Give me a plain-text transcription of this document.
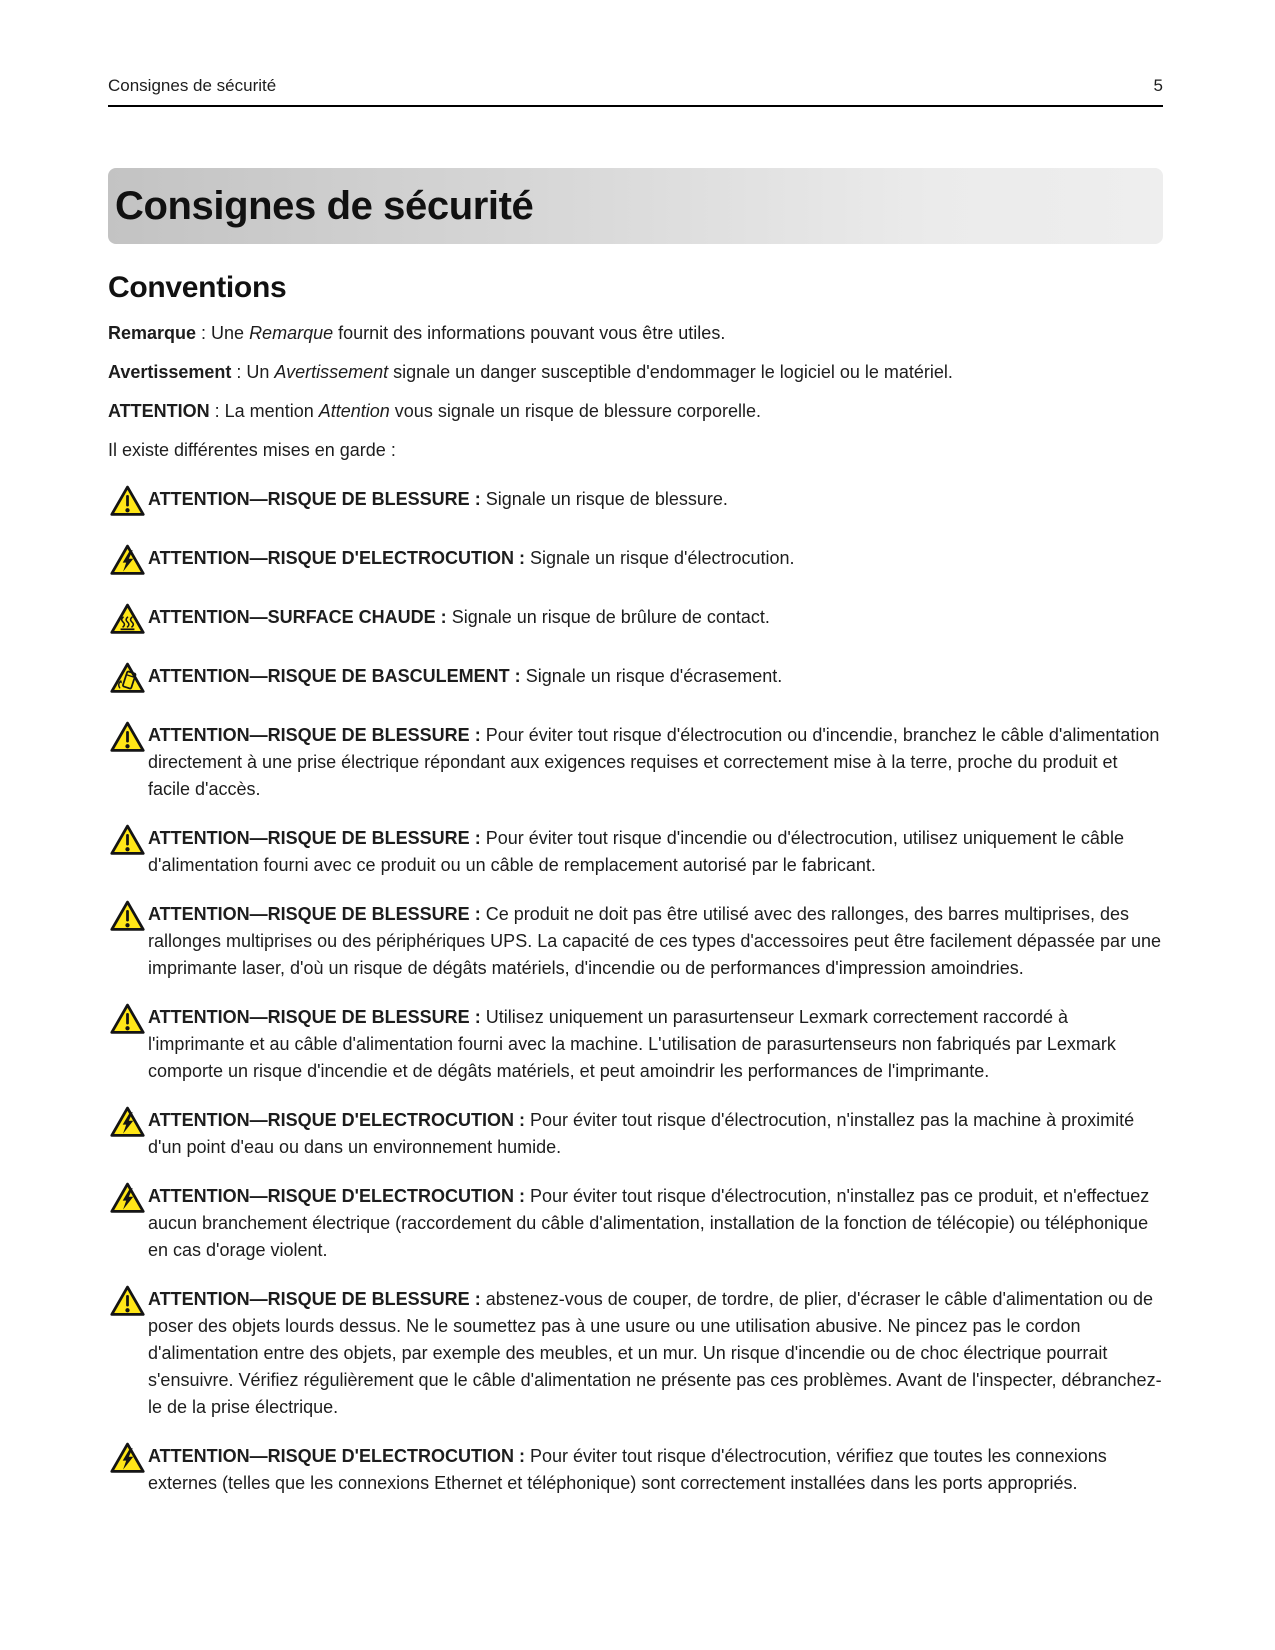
Consignes de sécurité	5
Consignes de sécurité
Conventions

Remarque : Une Remarque fournit des informations pouvant vous être utiles.

Avertissement : Un Avertissement signale un danger susceptible d'endommager le logiciel ou le matériel.

ATTENTION : La mention Attention vous signale un risque de blessure corporelle.

Il existe différentes mises en garde :

ATTENTION—RISQUE DE BLESSURE : Signale un risque de blessure.

ATTENTION—RISQUE D'ELECTROCUTION : Signale un risque d'électrocution.

ATTENTION—SURFACE CHAUDE : Signale un risque de brûlure de contact.

ATTENTION—RISQUE DE BASCULEMENT : Signale un risque d'écrasement.

ATTENTION—RISQUE DE BLESSURE : Pour éviter tout risque d'électrocution ou d'incendie, branchez le câble d'alimentation directement à une prise électrique répondant aux exigences requises et correctement mise à la terre, proche du produit et facile d'accès.

ATTENTION—RISQUE DE BLESSURE : Pour éviter tout risque d'incendie ou d'électrocution, utilisez uniquement le câble d'alimentation fourni avec ce produit ou un câble de remplacement autorisé par le fabricant.

ATTENTION—RISQUE DE BLESSURE : Ce produit ne doit pas être utilisé avec des rallonges, des barres multiprises, des rallonges multiprises ou des périphériques UPS. La capacité de ces types d'accessoires peut être facilement dépassée par une imprimante laser, d'où un risque de dégâts matériels, d'incendie ou de performances d'impression amoindries.

ATTENTION—RISQUE DE BLESSURE : Utilisez uniquement un parasurtenseur Lexmark correctement raccordé à l'imprimante et au câble d'alimentation fourni avec la machine. L'utilisation de parasurtenseurs non fabriqués par Lexmark comporte un risque d'incendie et de dégâts matériels, et peut amoindrir les performances de l'imprimante.

ATTENTION—RISQUE D'ELECTROCUTION : Pour éviter tout risque d'électrocution, n'installez pas la machine à proximité d'un point d'eau ou dans un environnement humide.

ATTENTION—RISQUE D'ELECTROCUTION : Pour éviter tout risque d'électrocution, n'installez pas ce produit, et n'effectuez aucun branchement électrique (raccordement du câble d'alimentation, installation de la fonction de télécopie) ou téléphonique en cas d'orage violent.

ATTENTION—RISQUE DE BLESSURE : abstenez-vous de couper, de tordre, de plier, d'écraser le câble d'alimentation ou de poser des objets lourds dessus. Ne le soumettez pas à une usure ou une utilisation abusive. Ne pincez pas le cordon d'alimentation entre des objets, par exemple des meubles, et un mur. Un risque d'incendie ou de choc électrique pourrait s'ensuivre. Vérifiez régulièrement que le câble d'alimentation ne présente pas ces problèmes. Avant de l'inspecter, débranchez-le de la prise électrique.

ATTENTION—RISQUE D'ELECTROCUTION : Pour éviter tout risque d'électrocution, vérifiez que toutes les connexions externes (telles que les connexions Ethernet et téléphonique) sont correctement installées dans les ports appropriés.
